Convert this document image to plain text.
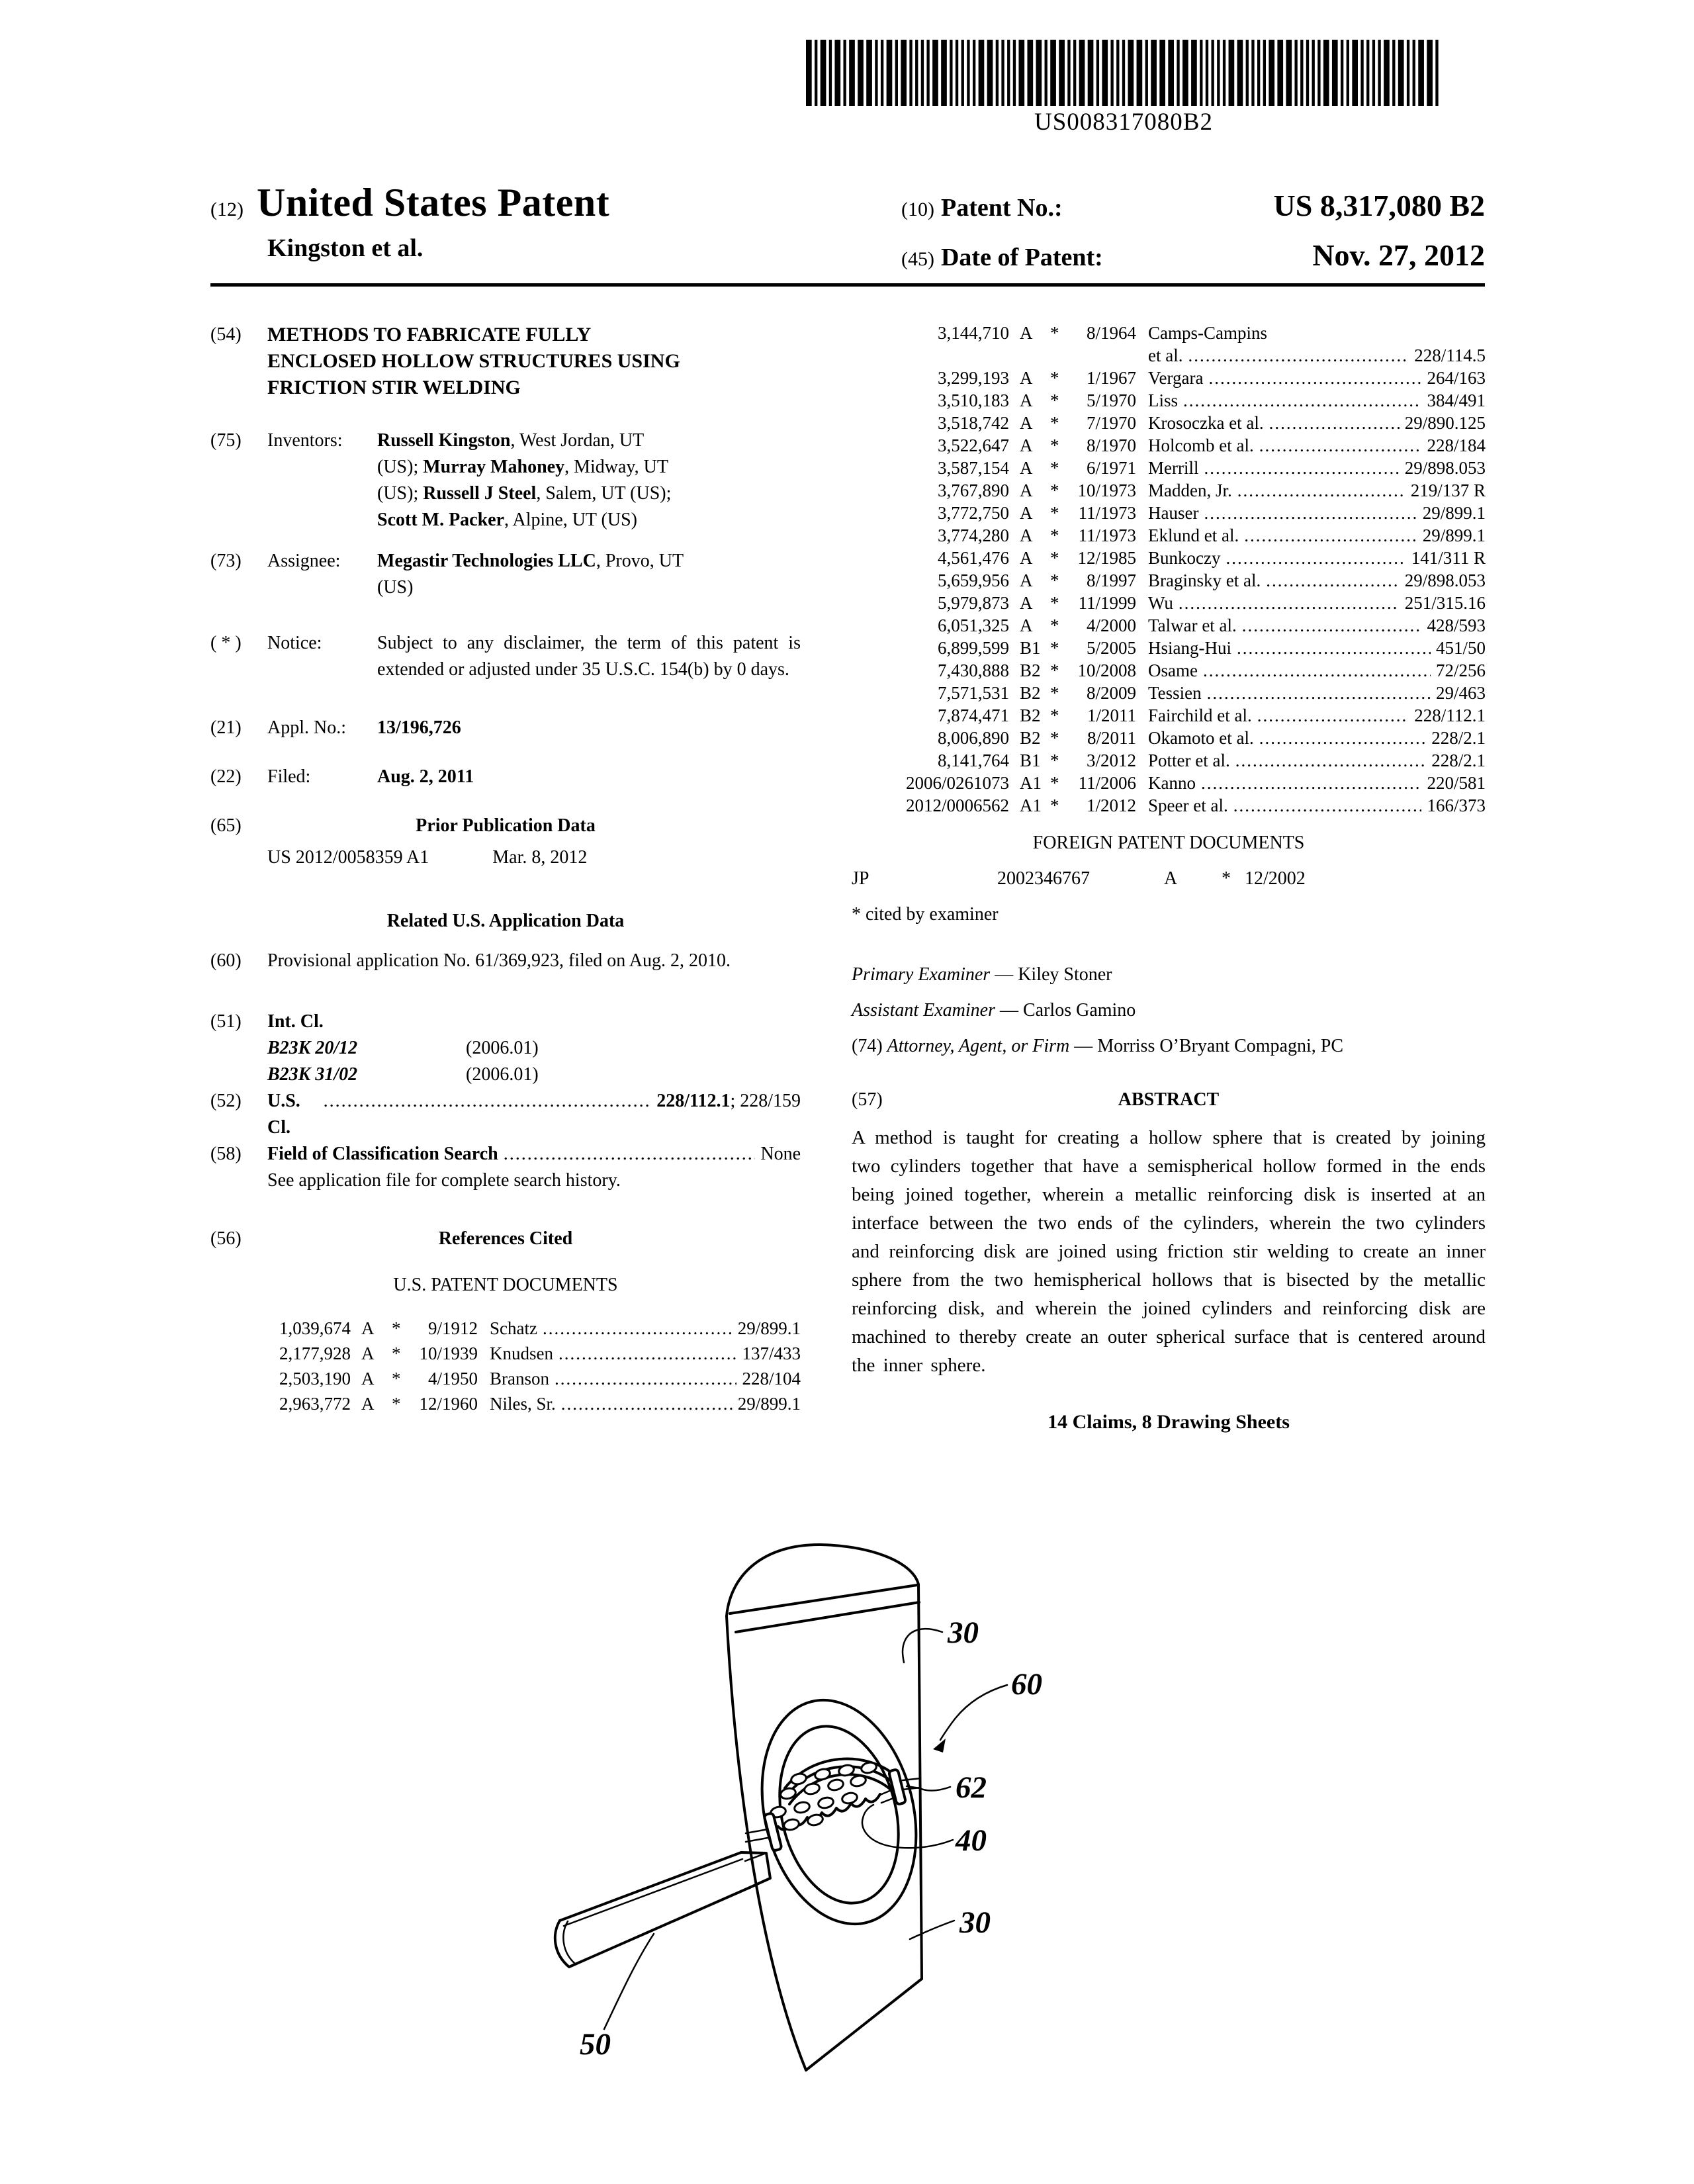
US008317080B2
(12) United States Patent
Kingston et al.
(10) Patent No.:	US 8,317,080 B2
(45) Date of Patent:	Nov. 27, 2012
(54)	METHODS TO FABRICATE FULLY
ENCLOSED HOLLOW STRUCTURES USING
FRICTION STIR WELDING
(75)	Inventors:	Russell Kingston, West Jordan, UT
(US); Murray Mahoney, Midway, UT
(US); Russell J Steel, Salem, UT (US);
Scott M. Packer, Alpine, UT (US)
(73)	Assignee:	Megastir Technologies LLC, Provo, UT
(US)
( * )	Notice:	Subject to any disclaimer, the term of this patent is extended or adjusted under 35 U.S.C. 154(b) by 0 days.
(21)	Appl. No.:	13/196,726
(22)	Filed:	Aug. 2, 2011
(65)	Prior Publication Data
US 2012/0058359 A1	Mar. 8, 2012
Related U.S. Application Data
(60)	Provisional application No. 61/369,923, filed on Aug. 2, 2010.
(51)	Int. Cl.
B23K 20/12	(2006.01)
B23K 31/02	(2006.01)
(52)	U.S. Cl.
.....
228/112.1; 228/159
(58)	Field of Classification Search .....	None
See application file for complete search history.
(56)	References Cited
U.S. PATENT DOCUMENTS
1,039,674 A *	9/1912 Schatz .....	29/899.1
2,177,928 A *	10/1939 Knudsen .....	137/433
2,503,190 A *	4/1950 Branson .....	228/104
2,963,772 A *	12/1960 Niles, Sr. .....	29/899.1
3,144,710 A *	8/1964 Camps-Campins
et al. .....	228/114.5
3,299,193 A *	1/1967 Vergara .....	264/163
3,510,183 A *	5/1970 Liss .....	384/491
3,518,742 A *	7/1970 Krosoczka et al. .....	29/890.125
3,522,647 A *	8/1970 Holcomb et al. .....	228/184
3,587,154 A *	6/1971 Merrill .....	29/898.053
3,767,890 A *	10/1973 Madden, Jr. .....	219/137 R
3,772,750 A *	11/1973 Hauser .....	29/899.1
3,774,280 A *	11/1973 Eklund et al. .....	29/899.1
4,561,476 A *	12/1985 Bunkoczy .....	141/311 R
5,659,956 A *	8/1997 Braginsky et al. .....	29/898.053
5,979,873 A *	11/1999 Wu .....	251/315.16
6,051,325 A *	4/2000 Talwar et al. .....	428/593
6,899,599 B1 *	5/2005 Hsiang-Hui .....	451/50
7,430,888 B2 *	10/2008 Osame .....	72/256
7,571,531 B2 *	8/2009 Tessien .....	29/463
7,874,471 B2 *	1/2011 Fairchild et al. .....	228/112.1
8,006,890 B2 *	8/2011 Okamoto et al. .....	228/2.1
8,141,764 B1 *	3/2012 Potter et al. .....	228/2.1
2006/0261073 A1 *	11/2006 Kanno .....	220/581
2012/0006562 A1 *	1/2012 Speer et al. .....	166/373
FOREIGN PATENT DOCUMENTS
JP	2002346767	A	* 12/2002
* cited by examiner
Primary Examiner — Kiley Stoner
Assistant Examiner — Carlos Gamino
(74) Attorney, Agent, or Firm — Morriss O’Bryant Compagni, PC
(57)	ABSTRACT
A method is taught for creating a hollow sphere that is created by joining two cylinders together that have a semispherical hollow formed in the ends being joined together, wherein a metallic reinforcing disk is inserted at an interface between the two ends of the cylinders, wherein the two cylinders and reinforcing disk are joined using friction stir welding to create an inner sphere from the two hemispherical hollows that is bisected by the metallic reinforcing disk, and wherein the joined cylinders and reinforcing disk are machined to thereby create an outer spherical surface that is centered around the inner sphere.
14 Claims, 8 Drawing Sheets
30
60
62
40
30
50
